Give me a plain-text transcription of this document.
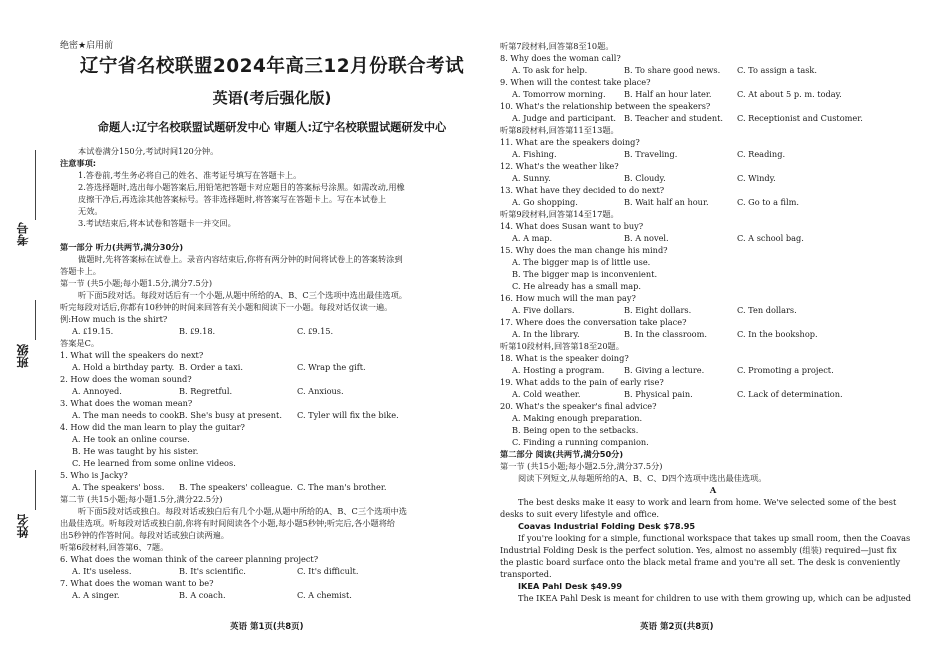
考号
班级
姓名
绝密★启用前
辽宁省名校联盟2024年高三12月份联合考试
英语(考后强化版)
命题人:辽宁名校联盟试题研发中心 审题人:辽宁名校联盟试题研发中心
本试卷满分150分,考试时间120分钟。
注意事项:
1.答卷前,考生务必将自己的姓名、准考证号填写在答题卡上。
2.答选择题时,选出每小题答案后,用铅笔把答题卡对应题目的答案标号涂黑。如需改动,用橡
皮擦干净后,再选涂其他答案标号。答非选择题时,将答案写在答题卡上。写在本试卷上
无效。
3.考试结束后,将本试卷和答题卡一并交回。
第一部分 听力(共两节,满分30分)
做题时,先将答案标在试卷上。录音内容结束后,你将有两分钟的时间将试卷上的答案转涂到
答题卡上。
第一节 (共5小题;每小题1.5分,满分7.5分)
听下面5段对话。每段对话后有一个小题,从题中所给的A、B、C三个选项中选出最佳选项。
听完每段对话后,你都有10秒钟的时间来回答有关小题和阅读下一小题。每段对话仅读一遍。
例:How much is the shirt?
A. ₤19.15.	B. ₤9.18.	C. ₤9.15.
答案是C。
1. What will the speakers do next?
A. Hold a birthday party. B. Order a taxi.	C. Wrap the gift.
2. How does the woman sound?
A. Annoyed.	B. Regretful.	C. Anxious.
3. What does the woman mean?
A. The man needs to cook.
B. She's busy at present.	C. Tyler will fix the bike.
4. How did the man learn to play the guitar?
A. He took an online course.
B. He was taught by his sister.
C. He learned from some online videos.
5. Who is Jacky?
A. The speakers' boss.	B. The speakers' colleague. C. The man's brother.
第二节 (共15小题;每小题1.5分,满分22.5分)
听下面5段对话或独白。每段对话或独白后有几个小题,从题中所给的A、B、C三个选项中选
出最佳选项。听每段对话或独白前,你将有时间阅读各个小题,每小题5秒钟;听完后,各小题将给
出5秒钟的作答时间。每段对话或独白读两遍。
听第6段材料,回答第6、7题。
6. What does the woman think of the career planning project?
A. It's useless.	B. It's scientific.	C. It's difficult.
7. What does the woman want to be?
A. A singer.	B. A coach.	C. A chemist.
英语 第1页(共8页)
听第7段材料,回答第8至10题。
8. Why does the woman call?
A. To ask for help.	B. To share good news.	C. To assign a task.
9. When will the contest take place?
A. Tomorrow morning.	B. Half an hour later.	C. At about 5 p. m. today.
10. What's the relationship between the speakers?
A. Judge and participant. B. Teacher and student.	C. Receptionist and Customer.
听第8段材料,回答第11至13题。
11. What are the speakers doing?
A. Fishing.	B. Traveling.	C. Reading.
12. What's the weather like?
A. Sunny.	B. Cloudy.	C. Windy.
13. What have they decided to do next?
A. Go shopping.	B. Wait half an hour.	C. Go to a film.
听第9段材料,回答第14至17题。
14. What does Susan want to buy?
A. A map.	B. A novel.	C. A school bag.
15. Why does the man change his mind?
A. The bigger map is of little use.
B. The bigger map is inconvenient.
C. He already has a small map.
16. How much will the man pay?
A. Five dollars.	B. Eight dollars.	C. Ten dollars.
17. Where does the conversation take place?
A. In the library.	B. In the classroom.	C. In the bookshop.
听第10段材料,回答第18至20题。
18. What is the speaker doing?
A. Hosting a program.	B. Giving a lecture.	C. Promoting a project.
19. What adds to the pain of early rise?
A. Cold weather.	B. Physical pain.	C. Lack of determination.
20. What's the speaker's final advice?
A. Making enough preparation.
B. Being open to the setbacks.
C. Finding a running companion.
第二部分 阅读(共两节,满分50分)
第一节 (共15小题;每小题2.5分,满分37.5分)
阅读下列短文,从每题所给的A、B、C、D四个选项中选出最佳选项。
A
The best desks make it easy to work and learn from home. We've selected some of the best
desks to suit every lifestyle and office.
Coavas Industrial Folding Desk $78.95
If you're looking for a simple, functional workspace that takes up small room, then the Coavas
Industrial Folding Desk is the perfect solution. Yes, almost no assembly (组装) required—just fix
the plastic board surface onto the black metal frame and you're all set. The desk is conveniently
transported.
IKEA Pahl Desk $49.99
The IKEA Pahl Desk is meant for children to use with them growing up, which can be adjusted
英语 第2页(共8页)
